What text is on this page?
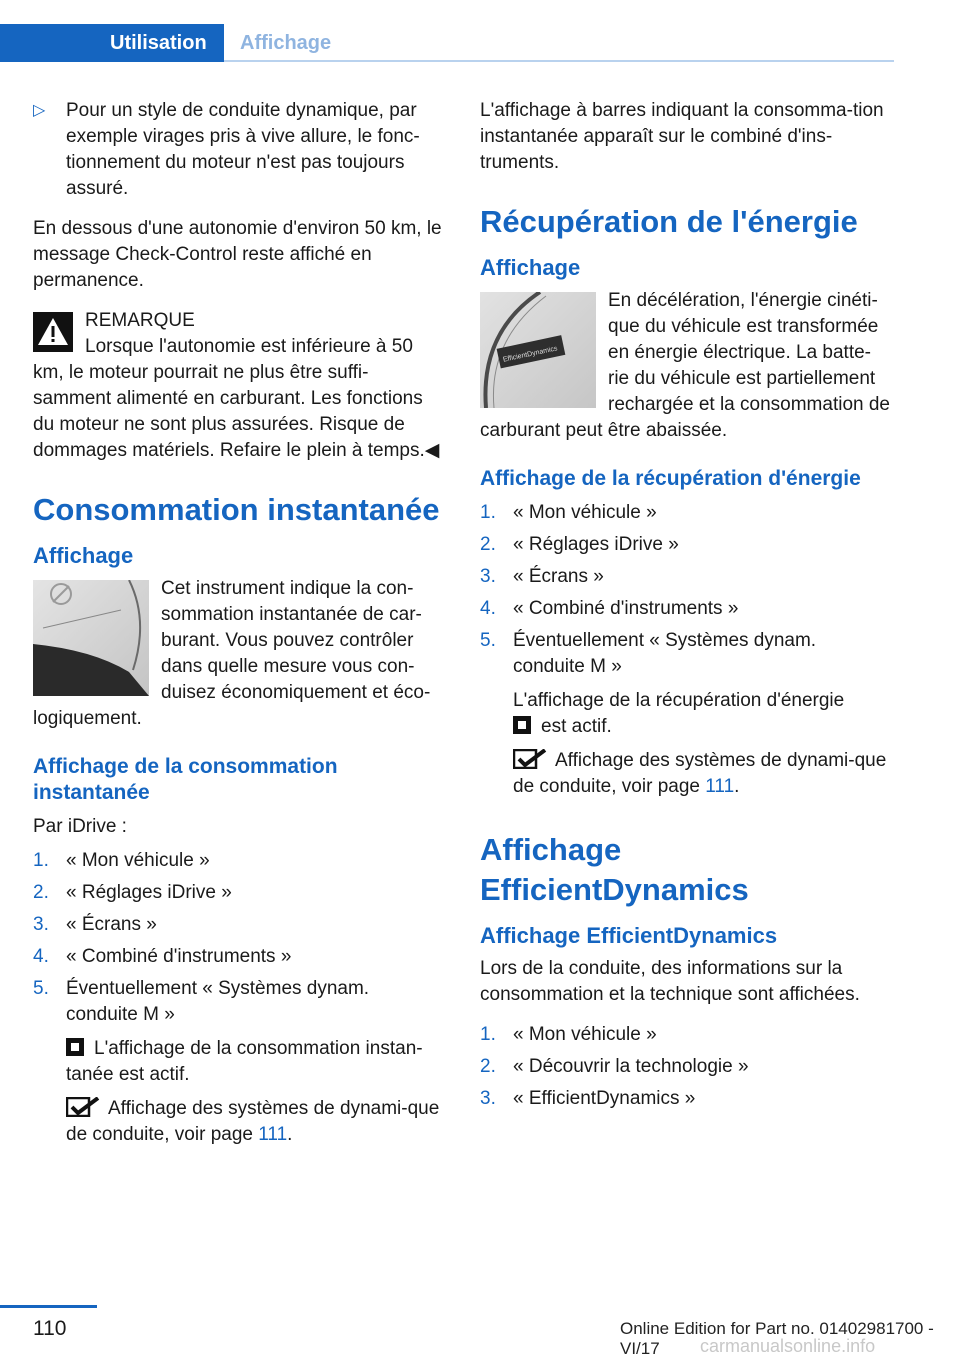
Utilisation	Affichage
▷ Pour un style de conduite dynamique, par exemple virages pris à vive allure, le fonc‐tionnement du moteur n'est pas toujours assuré.

En dessous d'une autonomie d'environ 50 km, le message Check-Control reste affiché en permanence.

REMARQUE
Lorsque l'autonomie est inférieure à 50 km, le moteur pourrait ne plus être suffi‐samment alimenté en carburant. Les fonctions du moteur ne sont plus assurées. Risque de dommages matériels. Refaire le plein à temps.◀
Consommation instantanée
Affichage
Cet instrument indique la con‐sommation instantanée de car‐burant. Vous pouvez contrôler dans quelle mesure vous con‐duisez économiquement et éco‐logiquement.
Affichage de la consommation instantanée

Par iDrive :

1. « Mon véhicule »
2. « Réglages iDrive »
3. « Écrans »
4. « Combiné d'instruments »
5. Éventuellement « Systèmes dynam. conduite M »
L'affichage de la consommation instan‐tanée est actif.
Affichage des systèmes de dynami‐que de conduite, voir page 111.

L'affichage à barres indiquant la consomma‐tion instantanée apparaît sur le combiné d'ins‐truments.

Récupération de l'énergie
Affichage
EfficientDynamics
En décélération, l'énergie cinéti‐que du véhicule est transformée en énergie électrique. La batte‐rie du véhicule est partiellement rechargée et la consommation de carburant peut être abaissée.
Affichage de la récupération d'énergie
1. « Mon véhicule »
2. « Réglages iDrive »
3. « Écrans »
4. « Combiné d'instruments »
5. Éventuellement « Systèmes dynam. conduite M »
L'affichage de la récupération d'énergie
est actif.
Affichage des systèmes de dynami‐que de conduite, voir page 111.
Affichage EfficientDynamics
Affichage EfficientDynamics

Lors de la conduite, des informations sur la consommation et la technique sont affichées.

1. « Mon véhicule »
2. « Découvrir la technologie »
3. « EfficientDynamics »
110	Online Edition for Part no. 01402981700 - VI/17	carmanualsonline.info
